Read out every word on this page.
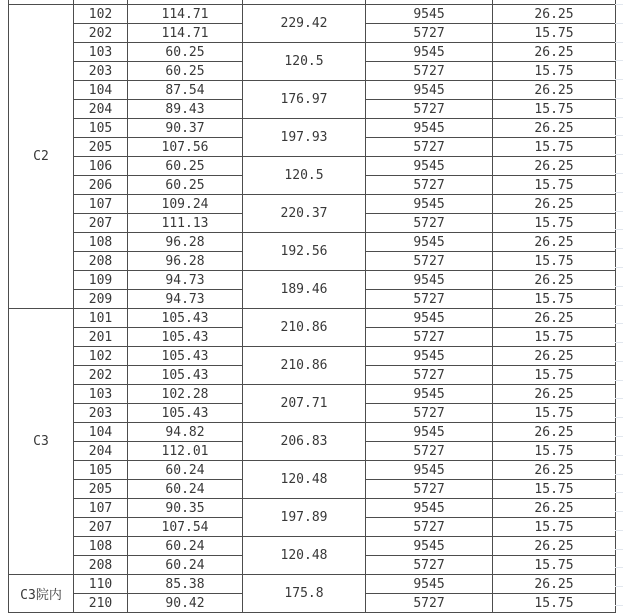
C2	102	114.71	229.42	9545	26.25
	202	114.71		5727	15.75
	103	60.25	120.5	9545	26.25
	203	60.25		5727	15.75
	104	87.54	176.97	9545	26.25
	204	89.43		5727	15.75
	105	90.37	197.93	9545	26.25
	205	107.56		5727	15.75
	106	60.25	120.5	9545	26.25
	206	60.25		5727	15.75
	107	109.24	220.37	9545	26.25
	207	111.13		5727	15.75
	108	96.28	192.56	9545	26.25
	208	96.28		5727	15.75
	109	94.73	189.46	9545	26.25
	209	94.73		5727	15.75
C3	101	105.43	210.86	9545	26.25
	201	105.43		5727	15.75
	102	105.43	210.86	9545	26.25
	202	105.43		5727	15.75
	103	102.28	207.71	9545	26.25
	203	105.43		5727	15.75
	104	94.82	206.83	9545	26.25
	204	112.01		5727	15.75
	105	60.24	120.48	9545	26.25
	205	60.24		5727	15.75
	107	90.35	197.89	9545	26.25
	207	107.54		5727	15.75
	108	60.24	120.48	9545	26.25
	208	60.24		5727	15.75
C3院内	110	85.38	175.8	9545	26.25
	210	90.42		5727	15.75
